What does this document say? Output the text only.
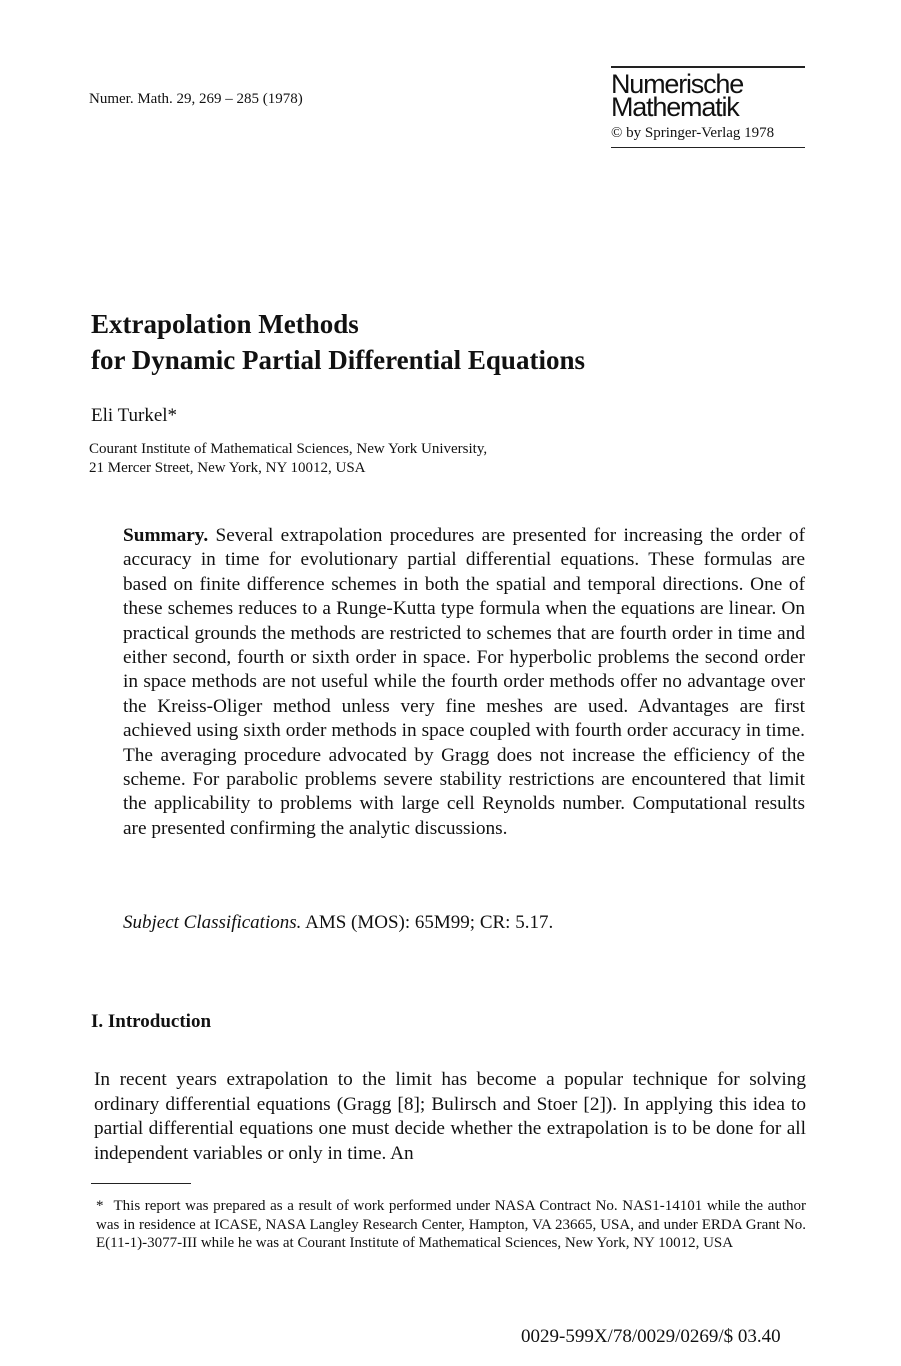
Numer. Math. 29, 269 – 285 (1978)
Numerische
Mathematik
© by Springer-Verlag 1978
Extrapolation Methods
for Dynamic Partial Differential Equations
Eli Turkel*
Courant Institute of Mathematical Sciences, New York University,
21 Mercer Street, New York, NY 10012, USA
Summary. Several extrapolation procedures are presented for increasing the order of accuracy in time for evolutionary partial differential equations. These formulas are based on finite difference schemes in both the spatial and temporal directions. One of these schemes reduces to a Runge-Kutta type formula when the equations are linear. On practical grounds the methods are restricted to schemes that are fourth order in time and either second, fourth or sixth order in space. For hyperbolic problems the second order in space methods are not useful while the fourth order methods offer no advantage over the Kreiss-Oliger method unless very fine meshes are used. Advantages are first achieved using sixth order methods in space coupled with fourth order accuracy in time. The averaging procedure advocated by Gragg does not increase the efficiency of the scheme. For parabolic problems severe stability restrictions are encountered that limit the applicability to problems with large cell Reynolds number. Computational results are presented confirming the analytic discussions.
Subject Classifications. AMS (MOS): 65M99; CR: 5.17.
I. Introduction
In recent years extrapolation to the limit has become a popular technique for solving ordinary differential equations (Gragg [8]; Bulirsch and Stoer [2]). In applying this idea to partial differential equations one must decide whether the extrapolation is to be done for all independent variables or only in time. An
* This report was prepared as a result of work performed under NASA Contract No. NAS1-14101 while the author was in residence at ICASE, NASA Langley Research Center, Hampton, VA 23665, USA, and under ERDA Grant No. E(11-1)-3077-III while he was at Courant Institute of Mathematical Sciences, New York, NY 10012, USA
0029-599X/78/0029/0269/$ 03.40
